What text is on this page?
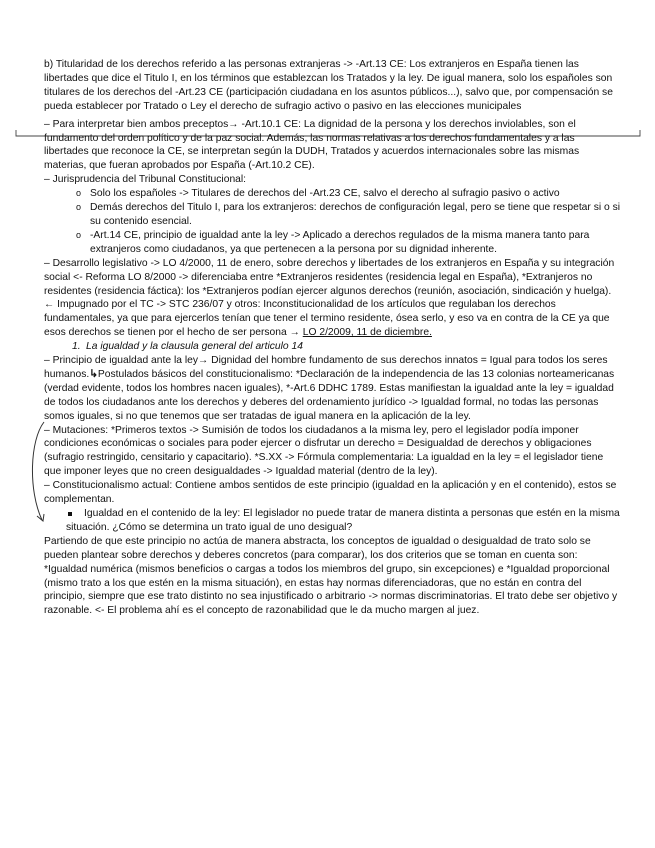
b) Titularidad de los derechos referido a las personas extranjeras -> -Art.13 CE: Los extranjeros en España tienen las libertades que dice el Titulo I, en los términos que establezcan los Tratados y la ley. De igual manera, solo los españoles son titulares de los derechos del -Art.23 CE (participación ciudadana en los asuntos públicos...), salvo que, por compensación se pueda establecer por Tratado o Ley el derecho de sufragio activo o pasivo en las elecciones municipales

– Para interpretar bien ambos preceptos→ -Art.10.1 CE: La dignidad de la persona y los derechos inviolables, son el fundamento del orden político y de la paz social. Además, las normas relativas a los derechos fundamentales y a las libertades que reconoce la CE, se interpretan según la DUDH, Tratados y acuerdos internacionales sobre las mismas materias, que fueran aprobados por España (-Art.10.2 CE).

– Jurisprudencia del Tribunal Constitucional:

o Solo los españoles -> Titulares de derechos del -Art.23 CE, salvo el derecho al sufragio pasivo o activo
o Demás derechos del Titulo I, para los extranjeros: derechos de configuración legal, pero se tiene que respetar si o si su contenido esencial.
o -Art.14 CE, principio de igualdad ante la ley -> Aplicado a derechos regulados de la misma manera tanto para extranjeros como ciudadanos, ya que pertenecen a la persona por su dignidad inherente.

– Desarrollo legislativo -> LO 4/2000, 11 de enero, sobre derechos y libertades de los extranjeros en España y su integración social <- Reforma LO 8/2000 -> diferenciaba entre *Extranjeros residentes (residencia legal en España), *Extranjeros no residentes (residencia fáctica): los *Extranjeros podían ejercer algunos derechos (reunión, asociación, sindicación y huelga). ← Impugnado por el TC -> STC 236/07 y otros: Inconstitucionalidad de los artículos que regulaban los derechos fundamentales, ya que para ejercerlos tenían que tener el termino residente, ósea serlo, y eso va en contra de la CE ya que esos derechos se tienen por el hecho de ser persona → LO 2/2009, 11 de diciembre.

1. La igualdad y la clausula general del articulo 14

– Principio de igualdad ante la ley→ Dignidad del hombre fundamento de sus derechos innatos = Igual para todos los seres humanos.↳Postulados básicos del constitucionalismo: *Declaración de la independencia de las 13 colonias norteamericanas (verdad evidente, todos los hombres nacen iguales), *-Art.6 DDHC 1789. Estas manifiestan la igualdad ante la ley = igualdad de todos los ciudadanos ante los derechos y deberes del ordenamiento jurídico -> Igualdad formal, no todas las personas somos iguales, si no que tenemos que ser tratadas de igual manera en la aplicación de la ley.

– Mutaciones: *Primeros textos -> Sumisión de todos los ciudadanos a la misma ley, pero el legislador podía imponer condiciones económicas o sociales para poder ejercer o disfrutar un derecho = Desigualdad de derechos y obligaciones (sufragio restringido, censitario y capacitario). *S.XX -> Fórmula complementaria: La igualdad en la ley = el legislador tiene que imponer leyes que no creen desigualdades -> Igualdad material (dentro de la ley).

– Constitucionalismo actual: Contiene ambos sentidos de este principio (igualdad en la aplicación y en el contenido), estos se complementan.

Igualdad en el contenido de la ley: El legislador no puede tratar de manera distinta a personas que estén en la misma situación. ¿Cómo se determina un trato igual de uno desigual?

Partiendo de que este principio no actúa de manera abstracta, los conceptos de igualdad o desigualdad de trato solo se pueden plantear sobre derechos y deberes concretos (para comparar), los dos criterios que se toman en cuenta son: *Igualdad numérica (mismos beneficios o cargas a todos los miembros del grupo, sin excepciones) e *Igualdad proporcional (mismo trato a los que estén en la misma situación), en estas hay normas diferenciadoras, que no están en contra del principio, siempre que ese trato distinto no sea injustificado o arbitrario -> normas discriminatorias. El trato debe ser objetivo y razonable. <- El problema ahí es el concepto de razonabilidad que le da mucho margen al juez.
